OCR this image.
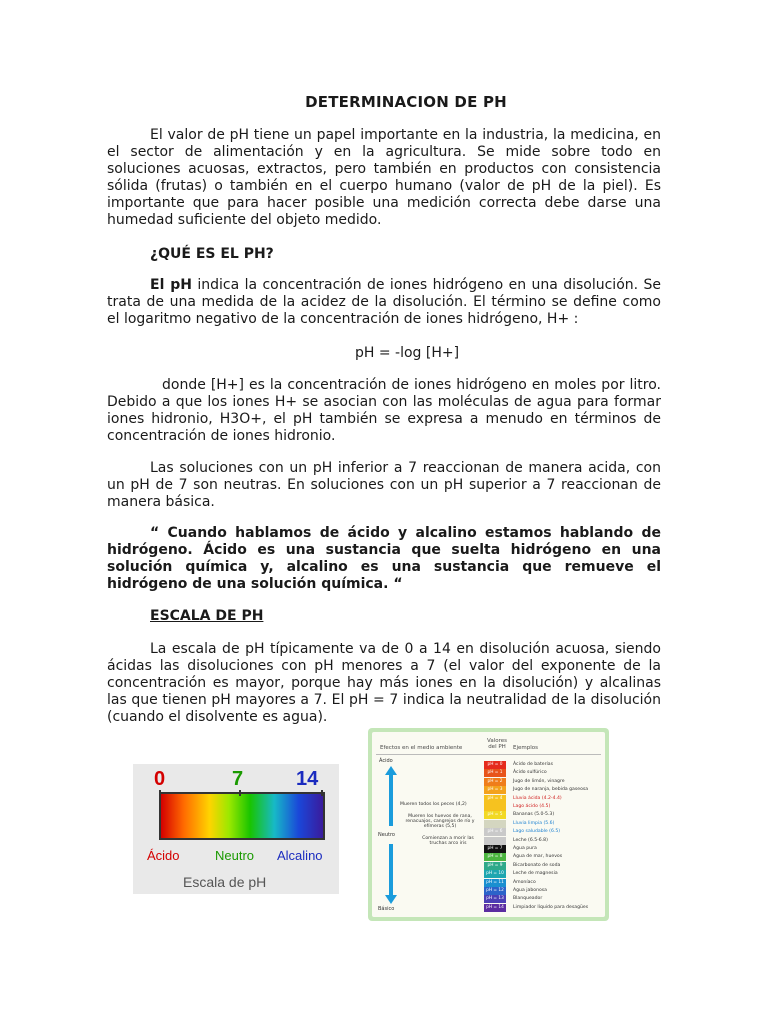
DETERMINACION DE PH

El valor de pH tiene un papel importante en la industria, la medicina, en el sector de alimentación y en la agricultura. Se mide sobre todo en soluciones acuosas, extractos, pero también en productos con consistencia sólida (frutas) o también en el cuerpo humano (valor de pH de la piel). Es importante que para hacer posible una medición correcta debe darse una humedad suficiente del objeto medido.

¿QUÉ ES EL PH?

El pH indica la concentración de iones hidrógeno en una disolución. Se trata de una medida de la acidez de la disolución. El término se define como el logaritmo negativo de la concentración de iones hidrógeno, H+ :

pH = -log [H+]

donde [H+] es la concentración de iones hidrógeno en moles por litro. Debido a que los iones H+ se asocian con las moléculas de agua para formar iones hidronio, H3O+, el pH también se expresa a menudo en términos de concentración de iones hidronio.

Las soluciones con un pH inferior a 7 reaccionan de manera acida, con un pH de 7 son neutras. En soluciones con un pH superior a 7 reaccionan de manera básica.

“ Cuando hablamos de ácido y alcalino estamos hablando de hidrógeno. Ácido es una sustancia que suelta hidrógeno en una solución química y, alcalino es una sustancia que remueve el hidrógeno de una solución química. “

ESCALA DE PH

La escala de pH típicamente va de 0 a 14 en disolución acuosa, siendo ácidas las disoluciones con pH menores a 7 (el valor del exponente de la concentración es mayor, porque hay más iones en la disolución) y alcalinas las que tienen pH mayores a 7. El pH = 7 indica la neutralidad de la disolución (cuando el disolvente es agua).

0	7	14
Ácido	Neutro Alcalino
Escala de pH
Efectos en el medio ambiente
Valores del PH	Ejemplos
Ácido
Neutro
Básico
Mueren todos los peces (4,2)
Mueren los huevos de rana, renacuajos, cangrejos de río y efímeras (5,5)
Comienzan a morir las truchas arco iris
pH = 0	Ácido de baterías
pH = 1	Ácido sulfúrico
pH = 2	Jugo de limón, vinagre
pH = 3	Jugo de naranja, bebida gaseosa
pH = 4	Lluvia ácida (4.2-4.4)
Lago ácido (4.5)
pH = 5	Bananas (5.0-5.3)
Lluvia limpia (5.6)
pH = 6	Lago saludable (6.5)
Leche (6.5-6.8)
pH = 7	Agua pura
pH = 8	Agua de mar, huevos
pH = 9	Bicarbonato de soda
pH = 10	Leche de magnesia
pH = 11	Amoníaco
pH = 12	Agua jabonosa
pH = 13	Blanqueador
pH = 14	Limpiador líquido para desagües
